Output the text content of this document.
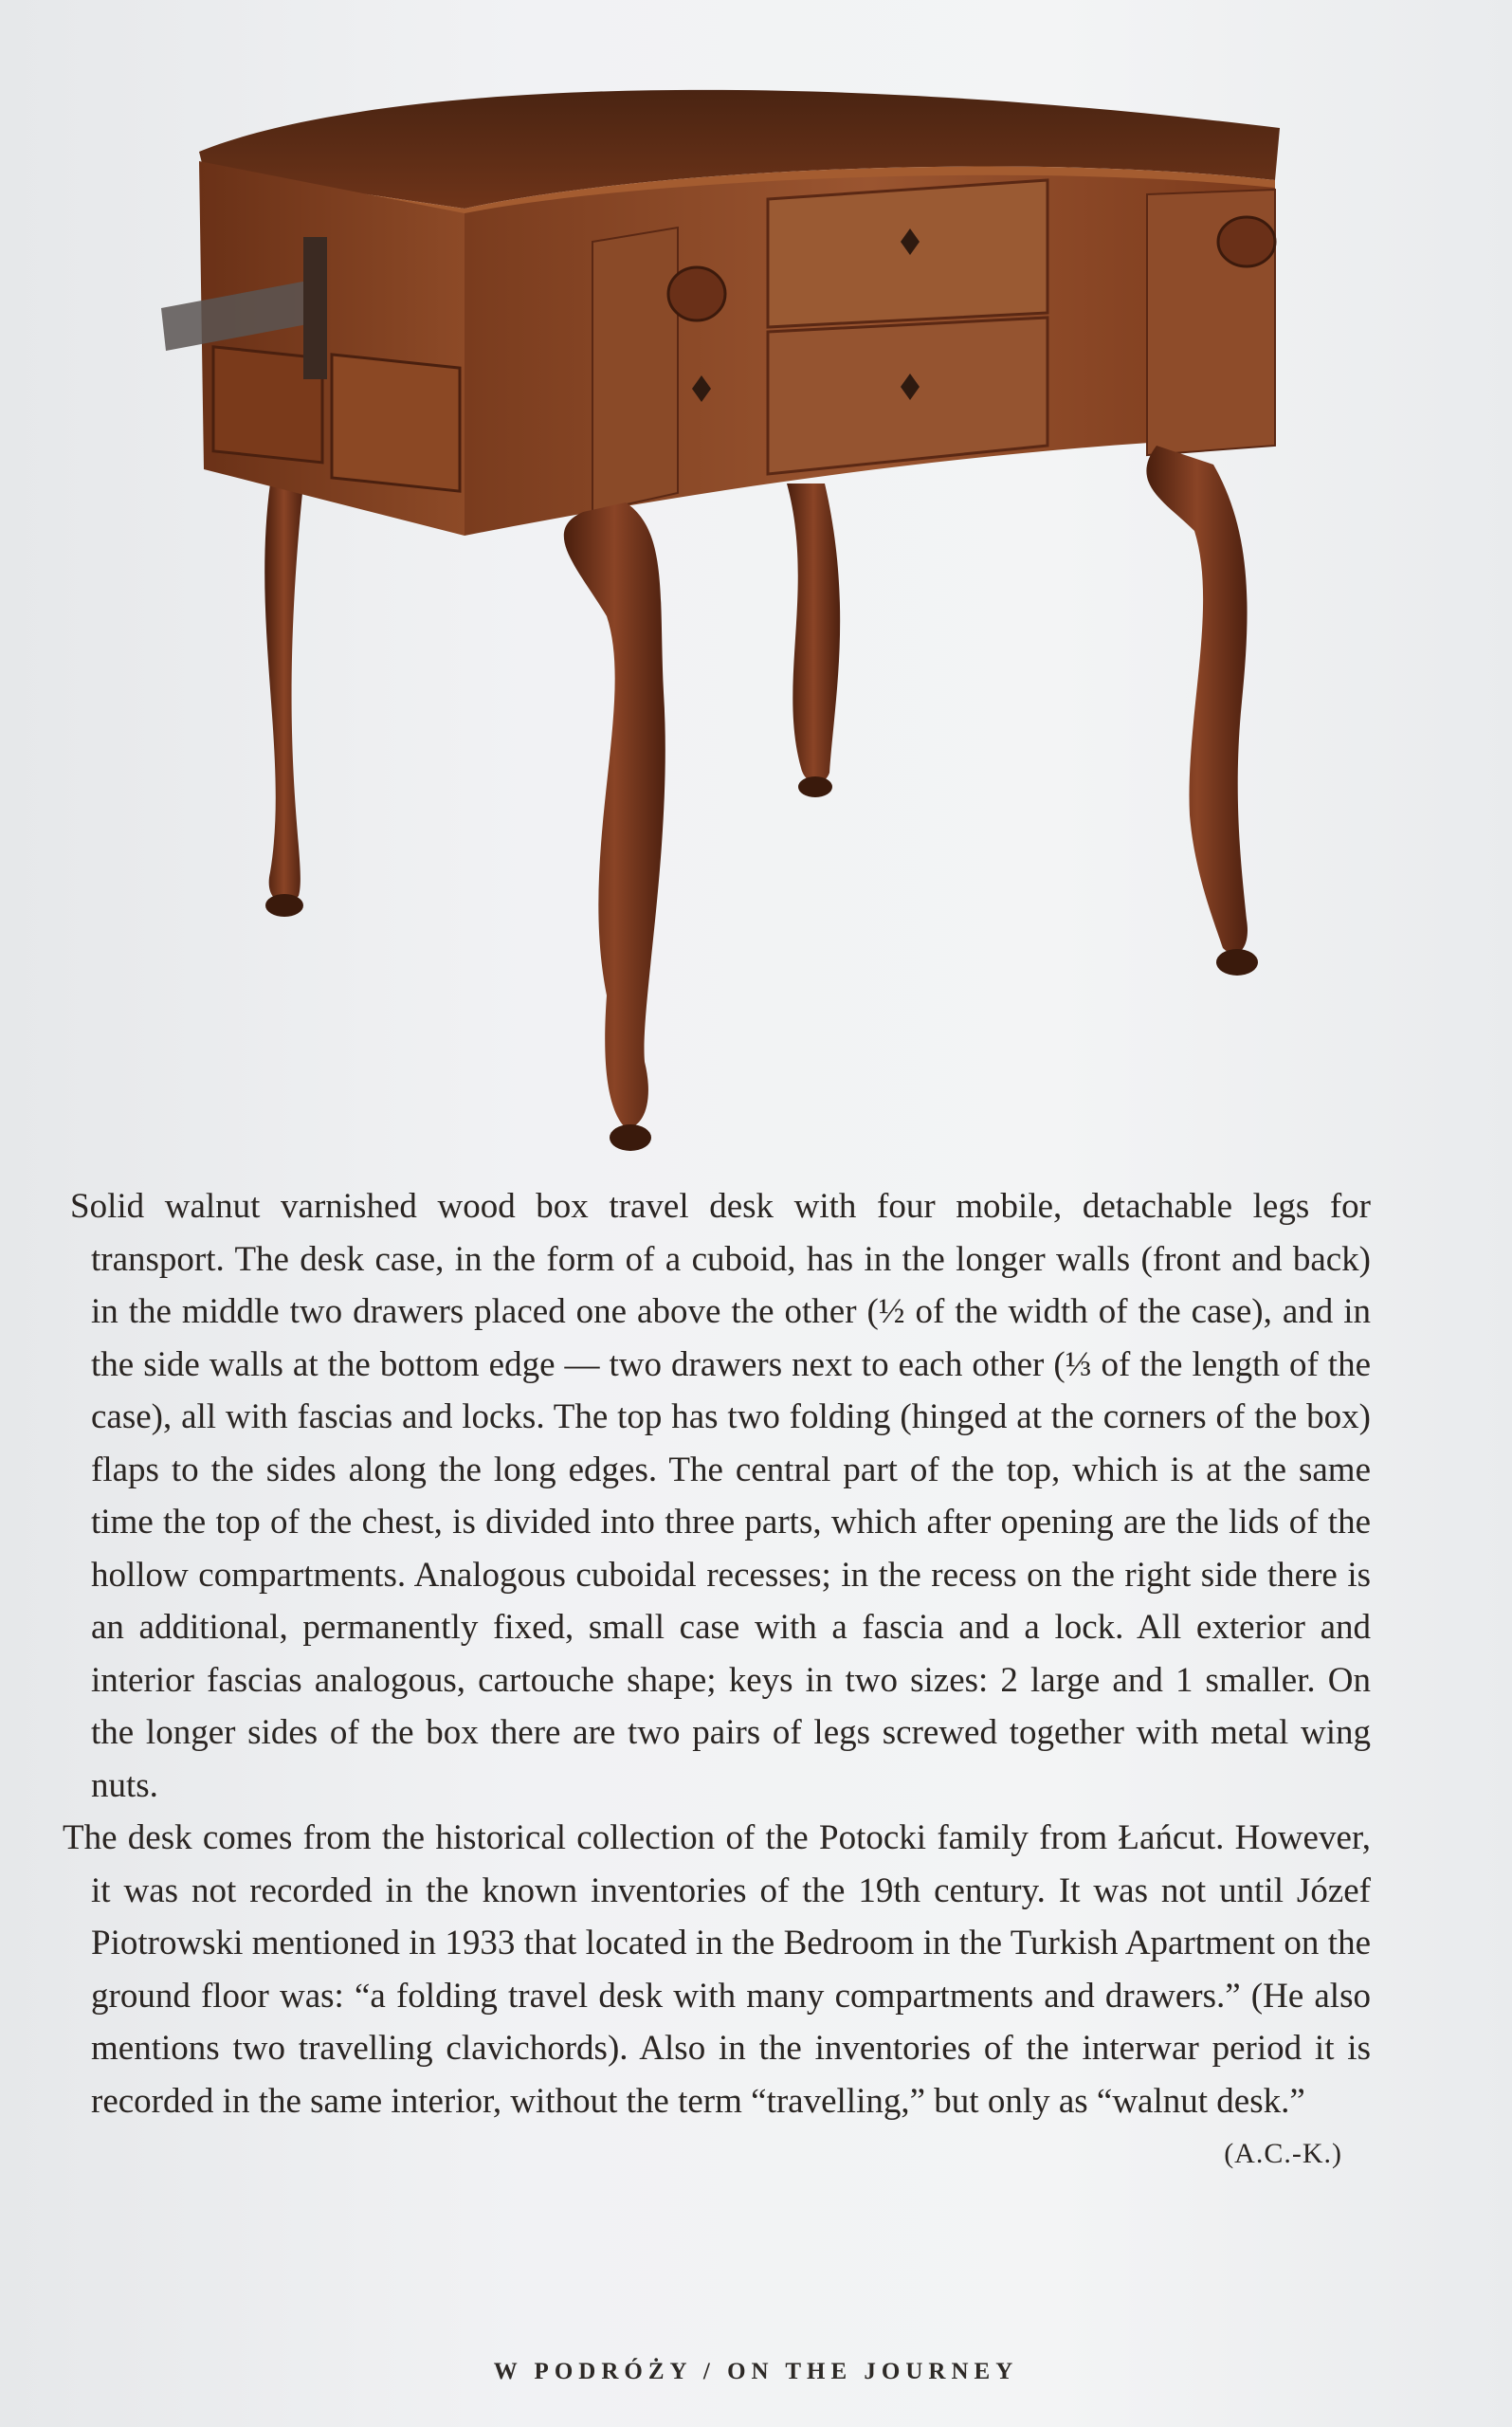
Solid walnut varnished wood box travel desk with four mobile, detachable legs for transport. The desk case, in the form of a cuboid, has in the longer walls (front and back) in the middle two drawers placed one above the other (½ of the width of the case), and in the side walls at the bottom edge — two drawers next to each other (⅓ of the length of the case), all with fascias and locks. The top has two folding (hinged at the corners of the box) flaps to the sides along the long edges. The central part of the top, which is at the same time the top of the chest, is divided into three parts, which after opening are the lids of the hollow compartments. Analogous cuboidal recesses; in the recess on the right side there is an additional, permanently fixed, small case with a fascia and a lock. All exterior and interior fascias analogous, cartouche shape; keys in two sizes: 2 large and 1 smaller. On the longer sides of the box there are two pairs of legs screwed together with metal wing nuts.

The desk comes from the historical collection of the Potocki family from Łańcut. However, it was not recorded in the known inventories of the 19th century. It was not until Józef Piotrowski mentioned in 1933 that located in the Bedroom in the Turkish Apartment on the ground floor was: “a folding travel desk with many compartments and drawers.” (He also mentions two travelling clavichords). Also in the inventories of the interwar period it is recorded in the same interior, without the term “travelling,” but only as “walnut desk.”

(A.C.-K.)
W PODRÓŻY / ON THE JOURNEY
